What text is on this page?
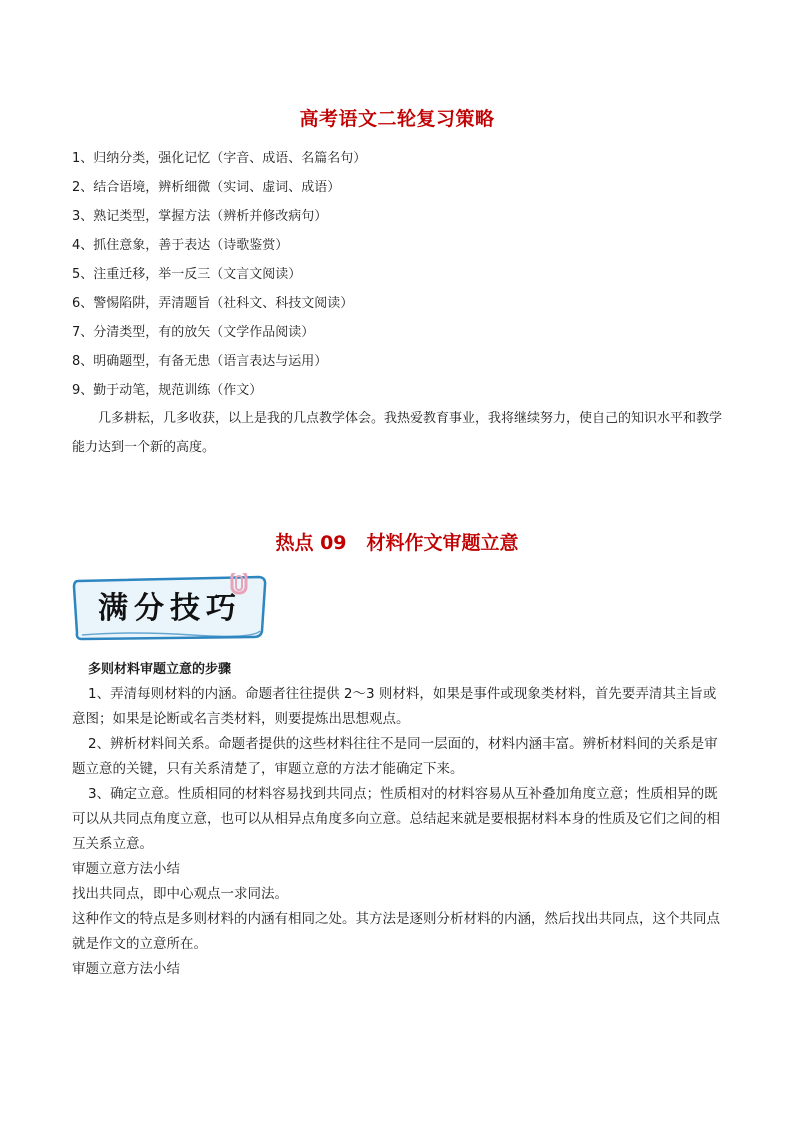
高考语文二轮复习策略
1、归纳分类，强化记忆（字音、成语、名篇名句）
2、结合语境，辨析细微（实词、虚词、成语）
3、熟记类型，掌握方法（辨析并修改病句）
4、抓住意象，善于表达（诗歌鉴赏）
5、注重迁移，举一反三（文言文阅读）
6、警惕陷阱，弄清题旨（社科文、科技文阅读）
7、分清类型，有的放矢（文学作品阅读）
8、明确题型，有备无患（语言表达与运用）
9、勤于动笔，规范训练（作文）

几多耕耘，几多收获，以上是我的几点教学体会。我热爱教育事业，我将继续努力，使自己的知识水平和教学能力达到一个新的高度。

热点 09 材料作文审题立意
满分技巧

多则材料审题立意的步骤

1、弄清每则材料的内涵。命题者往往提供 2～3 则材料，如果是事件或现象类材料，首先要弄清其主旨或意图；如果是论断或名言类材料，则要提炼出思想观点。

2、辨析材料间关系。命题者提供的这些材料往往不是同一层面的，材料内涵丰富。辨析材料间的关系是审题立意的关键，只有关系清楚了，审题立意的方法才能确定下来。

3、确定立意。性质相同的材料容易找到共同点；性质相对的材料容易从互补叠加角度立意；性质相异的既可以从共同点角度立意，也可以从相异点角度多向立意。总结起来就是要根据材料本身的性质及它们之间的相互关系立意。

审题立意方法小结

找出共同点，即中心观点一求同法。

这种作文的特点是多则材料的内涵有相同之处。其方法是逐则分析材料的内涵，然后找出共同点，这个共同点就是作文的立意所在。

审题立意方法小结
